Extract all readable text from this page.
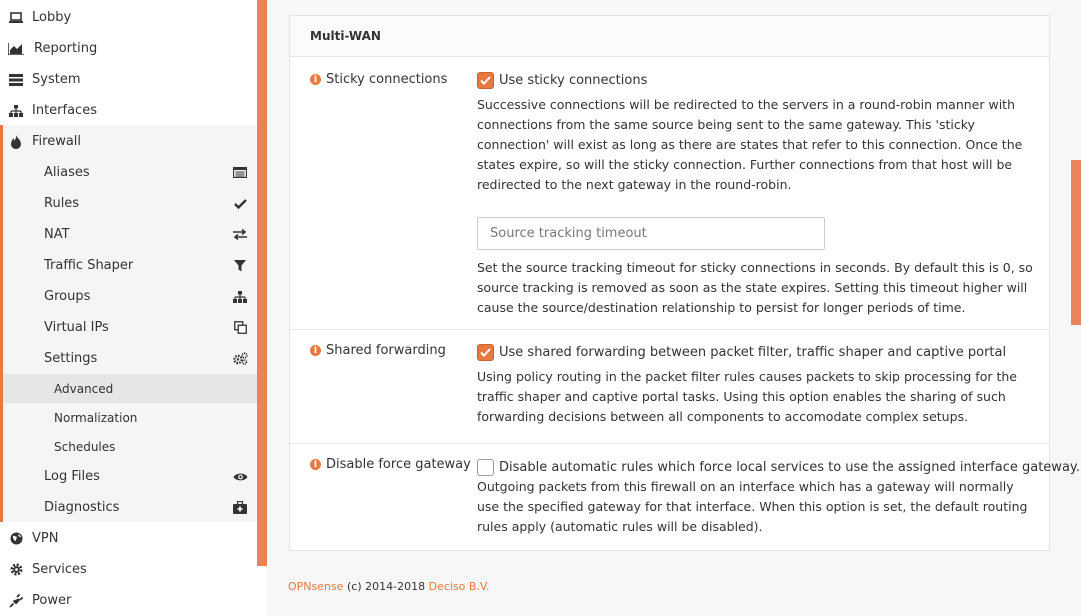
Lobby
Reporting
System
Interfaces
Firewall
Aliases
Rules
NAT
Traffic Shaper
Groups
Virtual IPs
Settings
Advanced
Normalization
Schedules
Log Files
Diagnostics
VPN
Services
Power
Multi-WAN
i Sticky connections	Use sticky connections
Successive connections will be redirected to the servers in a round-robin manner with connections from the same source being sent to the same gateway. This 'sticky connection' will exist as long as there are states that refer to this connection. Once the states expire, so will the sticky connection. Further connections from that host will be redirected to the next gateway in the round-robin.
Source tracking timeout
Set the source tracking timeout for sticky connections in seconds. By default this is 0, so source tracking is removed as soon as the state expires. Setting this timeout higher will cause the source/destination relationship to persist for longer periods of time.
i Shared forwarding	Use shared forwarding between packet filter, traffic shaper and captive portal
Using policy routing in the packet filter rules causes packets to skip processing for the traffic shaper and captive portal tasks. Using this option enables the sharing of such forwarding decisions between all components to accomodate complex setups.
i Disable force gateway Disable automatic rules which force local services to use the assigned interface gateway.
Outgoing packets from this firewall on an interface which has a gateway will normally use the specified gateway for that interface. When this option is set, the default routing rules apply (automatic rules will be disabled).
OPNsense (c) 2014-2018 Deciso B.V.
